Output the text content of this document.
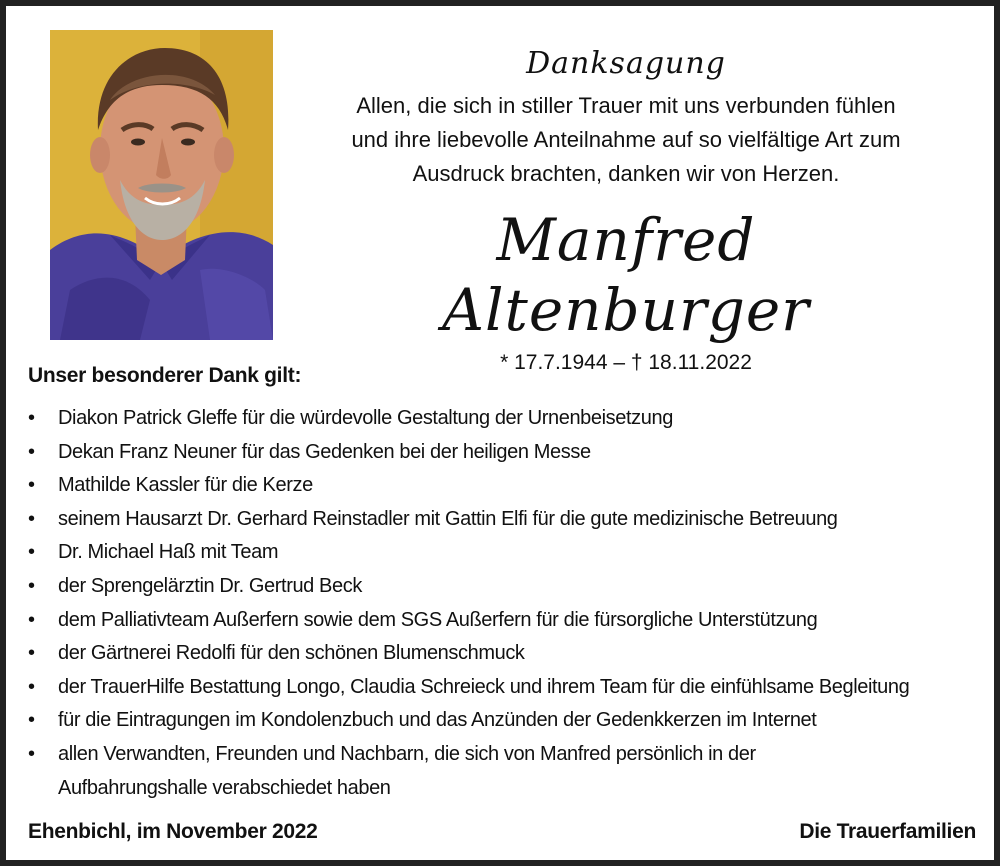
Danksagung

Allen, die sich in stiller Trauer mit uns verbunden fühlen
und ihre liebevolle Anteilnahme auf so vielfältige Art zum
Ausdruck brachten, danken wir von Herzen.

Manfred Altenburger
* 17.7.1944 – † 18.11.2022
Unser besonderer Dank gilt:
•	Diakon Patrick Gleffe für die würdevolle Gestaltung der Urnenbeisetzung
•	Dekan Franz Neuner für das Gedenken bei der heiligen Messe
•	Mathilde Kassler für die Kerze
•	seinem Hausarzt Dr. Gerhard Reinstadler mit Gattin Elfi für die gute medizinische Betreuung
•	Dr. Michael Haß mit Team
•	der Sprengelärztin Dr. Gertrud Beck
•	dem Palliativteam Außerfern sowie dem SGS Außerfern für die fürsorgliche Unterstützung
•	der Gärtnerei Redolfi für den schönen Blumenschmuck
•	der TrauerHilfe Bestattung Longo, Claudia Schreieck und ihrem Team für die einfühlsame Begleitung
•	für die Eintragungen im Kondolenzbuch und das Anzünden der Gedenkkerzen im Internet
•	allen Verwandten, Freunden und Nachbarn, die sich von Manfred persönlich in der Aufbahrungshalle verabschiedet haben
Ehenbichl, im November 2022	Die Trauerfamilien
